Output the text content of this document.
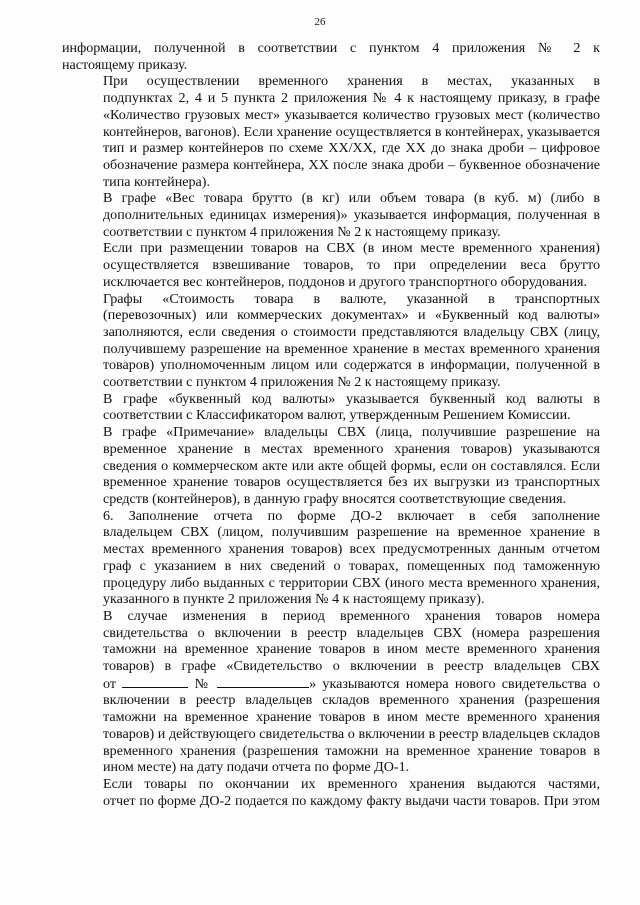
26

информации, полученной в соответствии с пунктом 4 приложения № 2 к
настоящему приказу.

При осуществлении временного хранения в местах, указанных в
подпунктах 2, 4 и 5 пункта 2 приложения № 4 к настоящему приказу, в графе
«Количество грузовых мест» указывается количество грузовых мест (количество
контейнеров, вагонов). Если хранение осуществляется в контейнерах, указывается
тип и размер контейнеров по схеме XX/XX, где XX до знака дроби – цифровое
обозначение размера контейнера, XX после знака дроби – буквенное обозначение
типа контейнера).

В графе «Вес товара брутто (в кг) или объем товара (в куб. м) (либо в
дополнительных единицах измерения)» указывается информация, полученная в
соответствии с пунктом 4 приложения № 2 к настоящему приказу.

Если при размещении товаров на СВХ (в ином месте временного хранения)
осуществляется взвешивание товаров, то при определении веса брутто
исключается вес контейнеров, поддонов и другого транспортного оборудования.

Графы «Стоимость товара в валюте, указанной в транспортных
(перевозочных) или коммерческих документах» и «Буквенный код валюты»
заполняются, если сведения о стоимости представляются владельцу СВХ (лицу,
получившему разрешение на временное хранение в местах временного хранения
товаров) уполномоченным лицом или содержатся в информации, полученной в
соответствии с пунктом 4 приложения № 2 к настоящему приказу.

В графе «буквенный код валюты» указывается буквенный код валюты в
соответствии с Классификатором валют, утвержденным Решением Комиссии.

В графе «Примечание» владельцы СВХ (лица, получившие разрешение на
временное хранение в местах временного хранения товаров) указываются
сведения о коммерческом акте или акте общей формы, если он составлялся. Если
временное хранение товаров осуществляется без их выгрузки из транспортных
средств (контейнеров), в данную графу вносятся соответствующие сведения.

6. Заполнение отчета по форме ДО-2 включает в себя заполнение
владельцем СВХ (лицом, получившим разрешение на временное хранение в
местах временного хранения товаров) всех предусмотренных данным отчетом
граф с указанием в них сведений о товарах, помещенных под таможенную
процедуру либо выданных с территории СВХ (иного места временного хранения,
указанного в пункте 2 приложения № 4 к настоящему приказу).

В случае изменения в период временного хранения товаров номера
свидетельства о включении в реестр владельцев СВХ (номера разрешения
таможни на временное хранение товаров в ином месте временного хранения
товаров) в графе «Свидетельство о включении в реестр владельцев СВХ
от	№	» указываются номера нового свидетельства о
включении в реестр владельцев складов временного хранения (разрешения
таможни на временное хранение товаров в ином месте временного хранения
товаров) и действующего свидетельства о включении в реестр владельцев складов
временного хранения (разрешения таможни на временное хранение товаров в
ином месте) на дату подачи отчета по форме ДО-1.

Если товары по окончании их временного хранения выдаются частями,
отчет по форме ДО-2 подается по каждому факту выдачи части товаров. При этом
